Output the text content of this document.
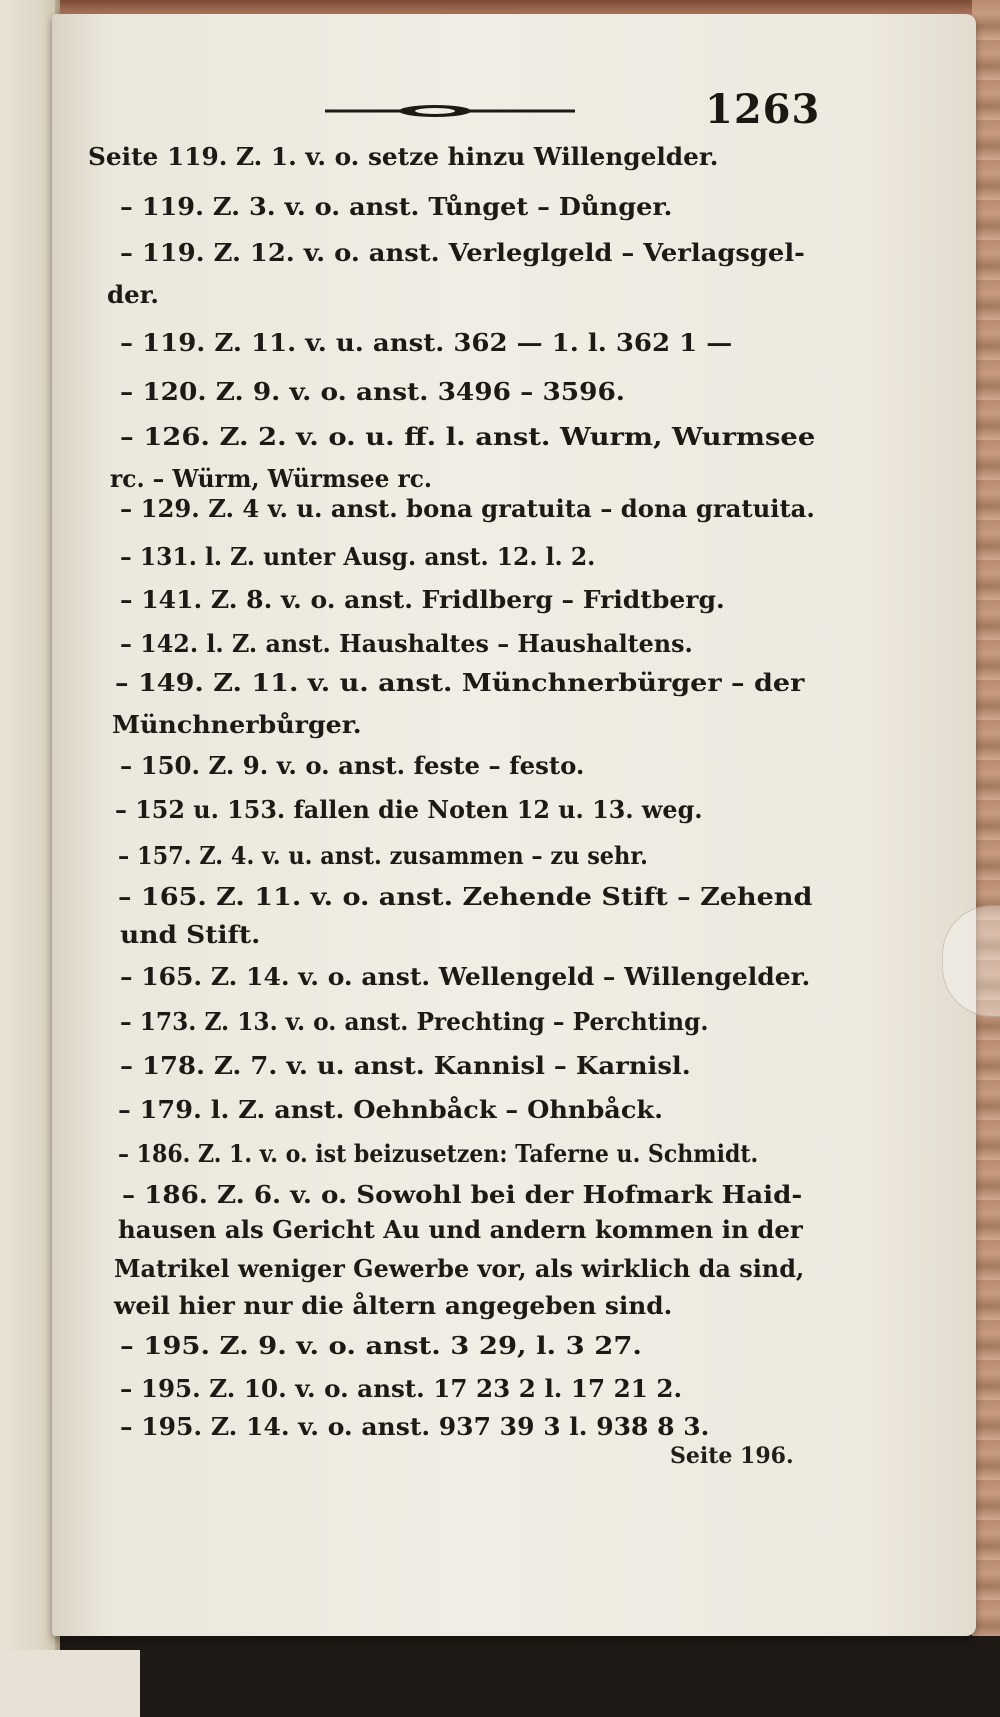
1263
Seite 119. Z. 1. v. o. setze hinzu Willengelder.
– 119. Z. 3. v. o. anst. Tůnget – Důnger.
– 119. Z. 12. v. o. anst. Verleglgeld – Verlagsgel-
der.
– 119. Z. 11. v. u. anst. 362 — 1. l. 362 1 —
– 120. Z. 9. v. o. anst. 3496 – 3596.
– 126. Z. 2. v. o. u. ff. l. anst. Wurm, Wurmsee
rc. – Würm, Würmsee rc.
– 129. Z. 4 v. u. anst. bona gratuita – dona gratuita.
– 131. l. Z. unter Ausg. anst. 12. l. 2.
– 141. Z. 8. v. o. anst. Fridlberg – Fridtberg.
– 142. l. Z. anst. Haushaltes – Haushaltens.
– 149. Z. 11. v. u. anst. Münchnerbürger – der
Münchnerbůrger.
– 150. Z. 9. v. o. anst. feste – festo.
– 152 u. 153. fallen die Noten 12 u. 13. weg.
– 157. Z. 4. v. u. anst. zusammen – zu sehr.
– 165. Z. 11. v. o. anst. Zehende Stift – Zehend
und Stift.
– 165. Z. 14. v. o. anst. Wellengeld – Willengelder.
– 173. Z. 13. v. o. anst. Prechting – Perchting.
– 178. Z. 7. v. u. anst. Kannisl – Karnisl.
– 179. l. Z. anst. Oehnbåck – Ohnbåck.
– 186. Z. 1. v. o. ist beizusetzen: Taferne u. Schmidt.
– 186. Z. 6. v. o. Sowohl bei der Hofmark Haid-
hausen als Gericht Au und andern kommen in der
Matrikel weniger Gewerbe vor, als wirklich da sind,
weil hier nur die åltern angegeben sind.
– 195. Z. 9. v. o. anst. 3 29, l. 3 27.
– 195. Z. 10. v. o. anst. 17 23 2 l. 17 21 2.
– 195. Z. 14. v. o. anst. 937 39 3 l. 938 8 3.
Seite 196.
